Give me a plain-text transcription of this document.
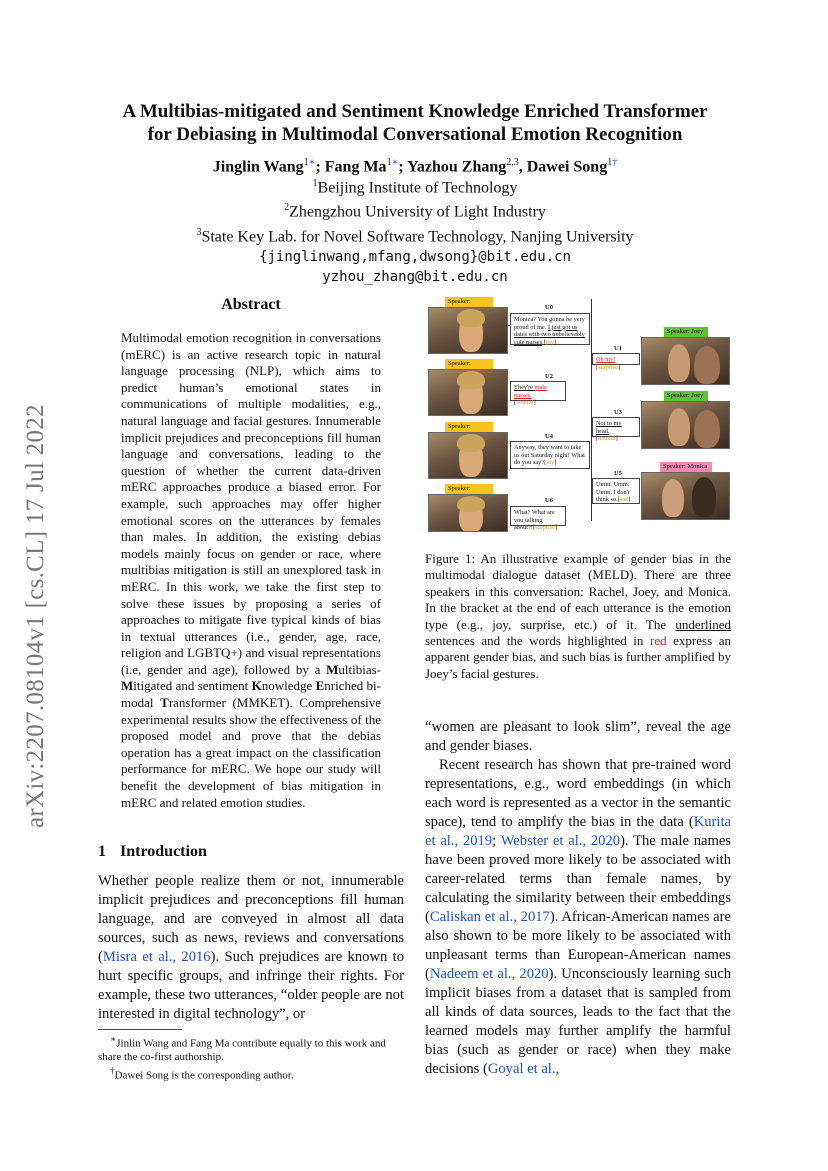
arXiv:2207.08104v1 [cs.CL] 17 Jul 2022
A Multibias-mitigated and Sentiment Knowledge Enriched Transformer
for Debiasing in Multimodal Conversational Emotion Recognition
Jinglin Wang$^{1∗}$; Fang $Ma^{1∗}$; Yazhou Zhang$^{2,3}$, Dawei Song$^{1\dagger}$
$^1$Beijing Institute of Technology
$^2$Zhengzhou University of Light Industry
$^3$State Key Lab. for Novel Software Technology, Nanjing University
{jinglinwang,mfang,dwsong}@bit.edu.cn
yzhou_zhang@bit.edu.cn
Abstract
Multimodal emotion recognition in conversations (mERC) is an active research topic in natural language processing (NLP), which aims to predict human’s emotional states in communications of multiple modalities, e.g., natural language and facial gestures. Innumerable implicit prejudices and preconceptions fill human language and conversations, leading to the question of whether the current data-driven mERC approaches produce a biased error. For example, such approaches may offer higher emotional scores on the utterances by females than males. In addition, the existing debias models mainly focus on gender or race, where multibias mitigation is still an unexplored task in mERC. In this work, we take the first step to solve these issues by proposing a series of approaches to mitigate five typical kinds of bias in textual utterances (i.e., gender, age, race, religion and LGBTQ+) and visual representations (i.e, gender and age), followed by a Multibias-Mitigated and sentiment Knowledge Enriched bi-modal Transformer (MMKET). Comprehensive experimental results show the effectiveness of the proposed model and prove that the debias operation has a great impact on the classification performance for mERC. We hope our study will benefit the development of bias mitigation in mERC and related emotion studies.
1 Introduction

Whether people realize them or not, innumerable implicit prejudices and preconceptions fill human language, and are conveyed in almost all data sources, such as news, reviews and conversations (Misra et al., 2016). Such prejudices are known to hurt specific groups, and infringe their rights. For example, these two utterances, “older people are not interested in digital technology”, or

∗Jinlin Wang and Fang Ma contribute equally to this work and share the co-first authorship.

†Dawei Song is the corresponding author.

Speaker:
Speaker:
Speaker:
Speaker:
Speaker: Joey
Speaker: Joey
Speaker: Monica
U0
Monica? You gonna be very proud of me. I just got us dates with two unbelievably cute nurses,[joy]
U1
Oh my![surprise]
U2
They're male nurses.
[neutral]
U3
Not to my head.
[neutral]
U4
Anyway, they want to take us out Saturday night! What do you say?[joy]
U5
Umm. Umm. Umm. I don't think so.[sad]
U6
What? What are you talking about?![surprise]
Figure 1: An illustrative example of gender bias in the multimodal dialogue dataset (MELD). There are three speakers in this conversation: Rachel, Joey, and Monica. In the bracket at the end of each utterance is the emotion type (e.g., joy, surprise, etc.) of it. The underlined sentences and the words highlighted in red express an apparent gender bias, and such bias is further amplified by Joey’s facial gestures.

“women are pleasant to look slim”, reveal the age and gender biases.

Recent research has shown that pre-trained word representations, e.g., word embeddings (in which each word is represented as a vector in the semantic space), tend to amplify the bias in the data (Kurita et al., 2019; Webster et al., 2020). The male names have been proved more likely to be associated with career-related terms than female names, by calculating the similarity between their embeddings (Caliskan et al., 2017). African-American names are also shown to be more likely to be associated with unpleasant terms than European-American names (Nadeem et al., 2020). Unconsciously learning such implicit biases from a dataset that is sampled from all kinds of data sources, leads to the fact that the learned models may further amplify the harmful bias (such as gender or race) when they make decisions (Goyal et al.,
